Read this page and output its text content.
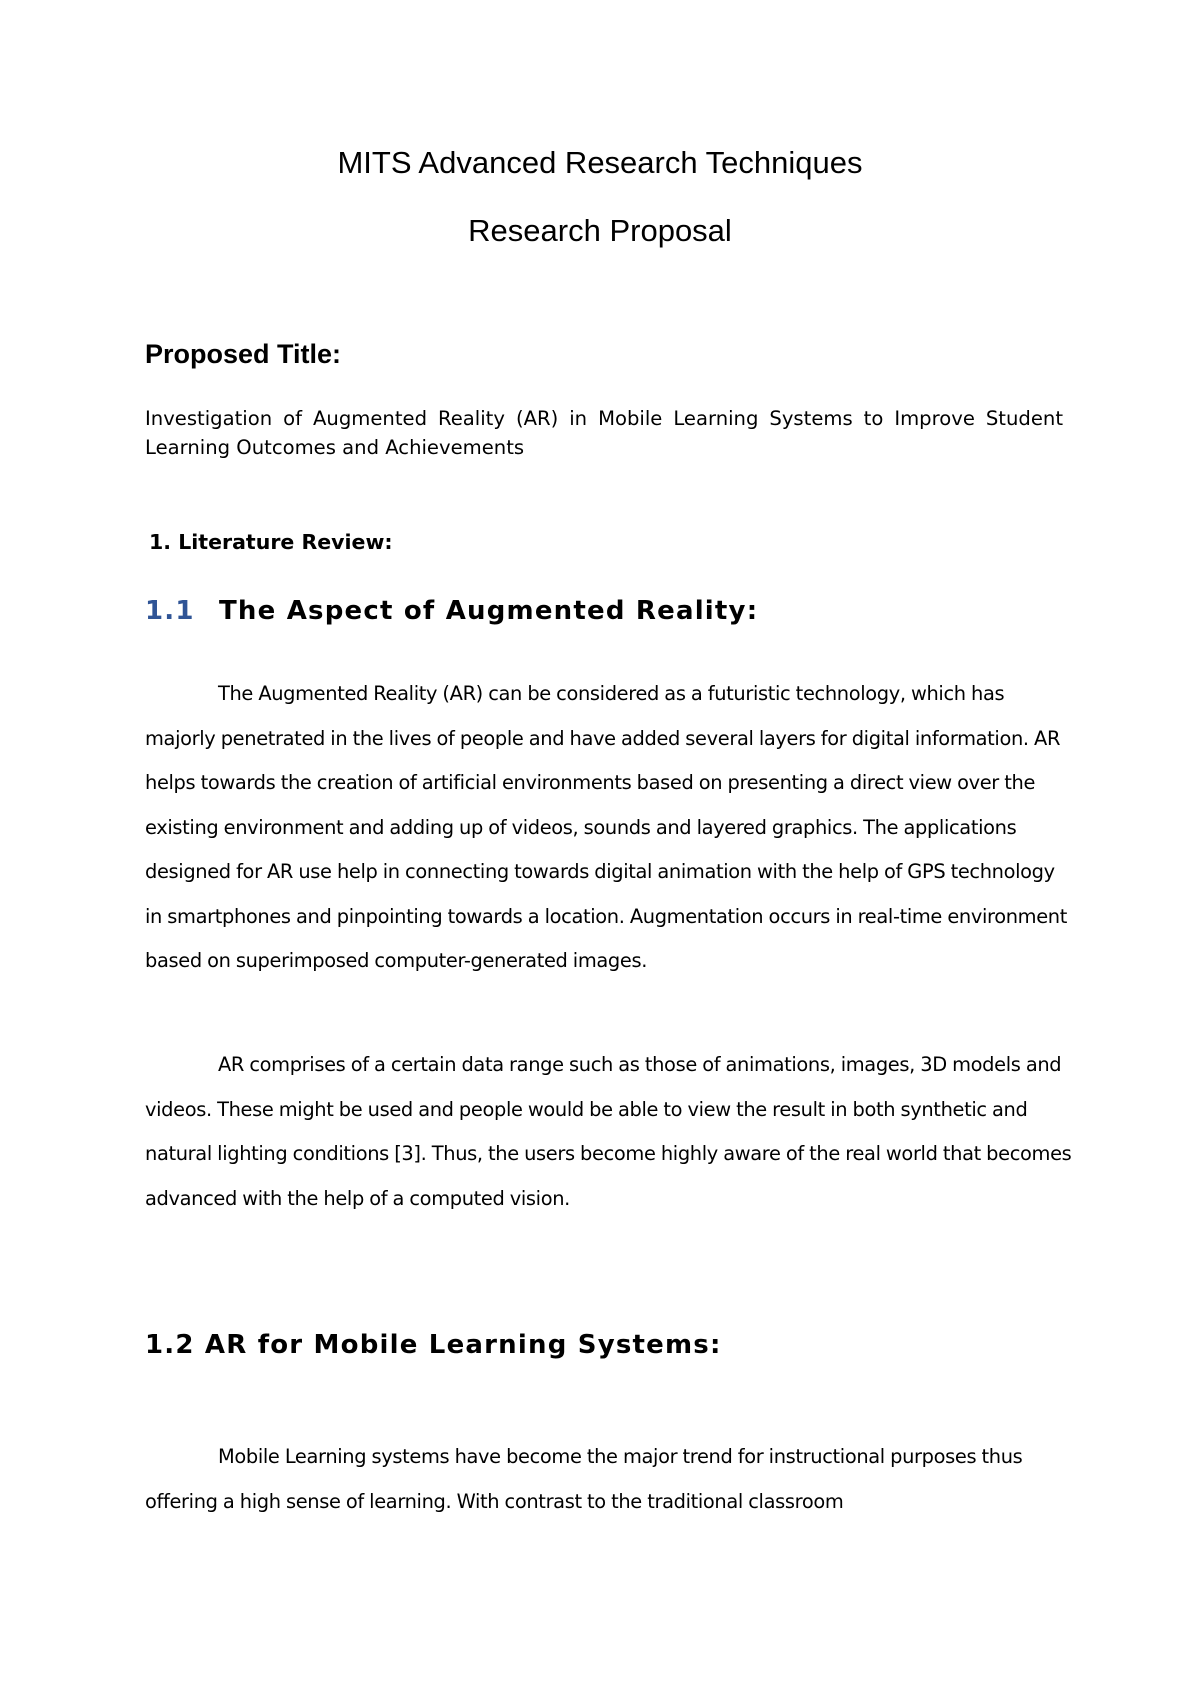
MITS Advanced Research Techniques
Research Proposal
Proposed Title:
Investigation of Augmented Reality (AR) in Mobile Learning Systems to Improve Student Learning Outcomes and Achievements
1. Literature Review:
1.1 The Aspect of Augmented Reality:
The Augmented Reality (AR) can be considered as a futuristic technology, which has majorly penetrated in the lives of people and have added several layers for digital information. AR helps towards the creation of artificial environments based on presenting a direct view over the existing environment and adding up of videos, sounds and layered graphics. The applications designed for AR use help in connecting towards digital animation with the help of GPS technology in smartphones and pinpointing towards a location. Augmentation occurs in real-time environment based on superimposed computer-generated images.
AR comprises of a certain data range such as those of animations, images, 3D models and videos. These might be used and people would be able to view the result in both synthetic and natural lighting conditions [3]. Thus, the users become highly aware of the real world that becomes advanced with the help of a computed vision.
1.2 AR for Mobile Learning Systems:
Mobile Learning systems have become the major trend for instructional purposes thus offering a high sense of learning. With contrast to the traditional classroom
